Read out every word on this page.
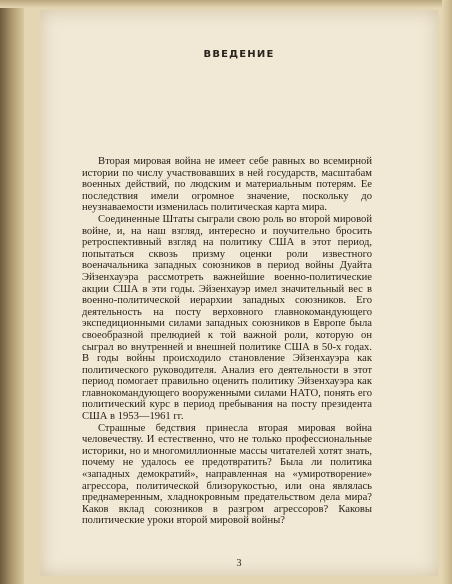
ВВЕДЕНИЕ

Вторая мировая война не имеет себе равных во всемирной истории по числу участвовавших в ней государств, масштабам военных действий, по людским и материальным потерям. Ее последствия имели огромное значение, поскольку до неузнаваемости изменилась политическая карта мира.

Соединенные Штаты сыграли свою роль во второй мировой войне, и, на наш взгляд, интересно и поучительно бросить ретроспективный взгляд на политику США в этот период, попытаться сквозь призму оценки роли известного военачальника западных союзников в период войны Дуайта Эйзенхауэра рассмотреть важнейшие военно-политические акции США в эти годы. Эйзенхауэр имел значительный вес в военно-политической иерархии западных союзников. Его деятельность на посту верховного главнокомандующего экспедиционными силами западных союзников в Европе была своеобразной прелюдией к той важной роли, которую он сыграл во внутренней и внешней политике США в 50-х годах. В годы войны происходило становление Эйзенхауэра как политического руководителя. Анализ его деятельности в этот период помогает правильно оценить политику Эйзенхауэра как главнокомандующего вооруженными силами НАТО, понять его политический курс в период пребывания на посту президента США в 1953—1961 гг.

Страшные бедствия принесла вторая мировая война человечеству. И естественно, что не только профессиональные историки, но и многомиллионные массы читателей хотят знать, почему не удалось ее предотвратить? Была ли политика «западных демократий», направленная на «умиротворение» агрессора, политической близорукостью, или она являлась преднамеренным, хладнокровным предательством дела мира? Каков вклад союзников в разгром агрессоров? Каковы политические уроки второй мировой войны?

3
